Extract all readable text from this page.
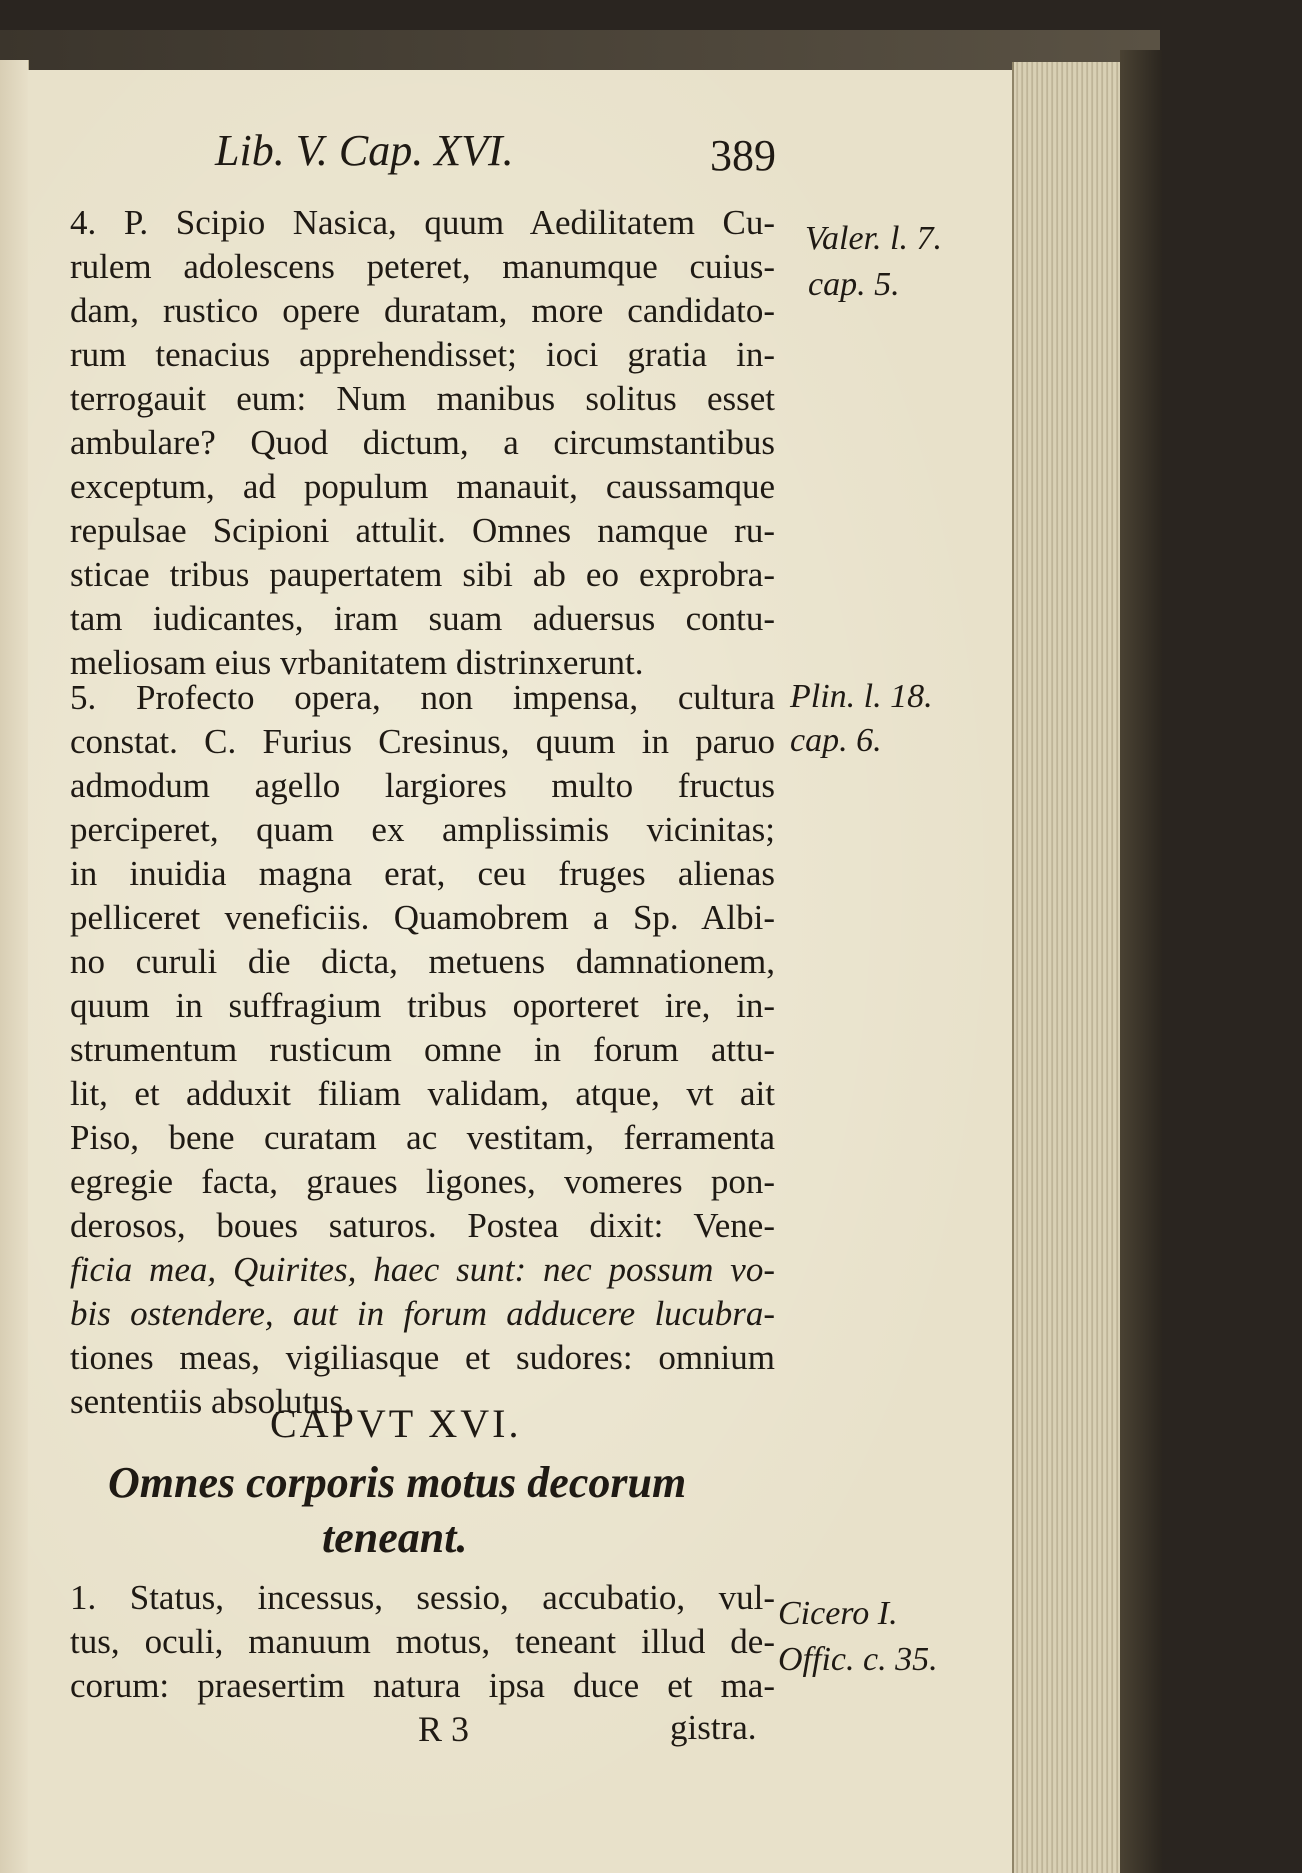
Lib. V. Cap. XVI.	389
4. P. Scipio Nasica, quum Aedilitatem Cu-
rulem adolescens peteret, manumque cuius-
dam, rustico opere duratam, more candidato-
rum tenacius apprehendisset; ioci gratia in-
terrogauit eum: Num manibus solitus esset
ambulare? Quod dictum, a circumstantibus
exceptum, ad populum manauit, caussamque
repulsae Scipioni attulit. Omnes namque ru-
sticae tribus paupertatem sibi ab eo exprobra-
tam iudicantes, iram suam aduersus contu-
meliosam eius vrbanitatem distrinxerunt.
Valer. l. 7.
cap. 5.
5. Profecto opera, non impensa, cultura
constat. C. Furius Cresinus, quum in paruo
admodum agello largiores multo fructus
perciperet, quam ex amplissimis vicinitas;
in inuidia magna erat, ceu fruges alienas
pelliceret veneficiis. Quamobrem a Sp. Albi-
no curuli die dicta, metuens damnationem,
quum in suffragium tribus oporteret ire, in-
strumentum rusticum omne in forum attu-
lit, et adduxit filiam validam, atque, vt ait
Piso, bene curatam ac vestitam, ferramenta
egregie facta, graues ligones, vomeres pon-
derosos, boues saturos. Postea dixit: Vene-
ficia mea, Quirites, haec sunt: nec possum vo-
bis ostendere, aut in forum adducere lucubra-
tiones meas, vigiliasque et sudores: omnium
sententiis absolutus.
Plin. l. 18.
cap. 6.
CAPVT XVI.
Omnes corporis motus decorum
teneant.
1. Status, incessus, sessio, accubatio, vul-
tus, oculi, manuum motus, teneant illud de-
corum: praesertim natura ipsa duce et ma-
Cicero I.
Offic. c. 35.
R 3	gistra.
